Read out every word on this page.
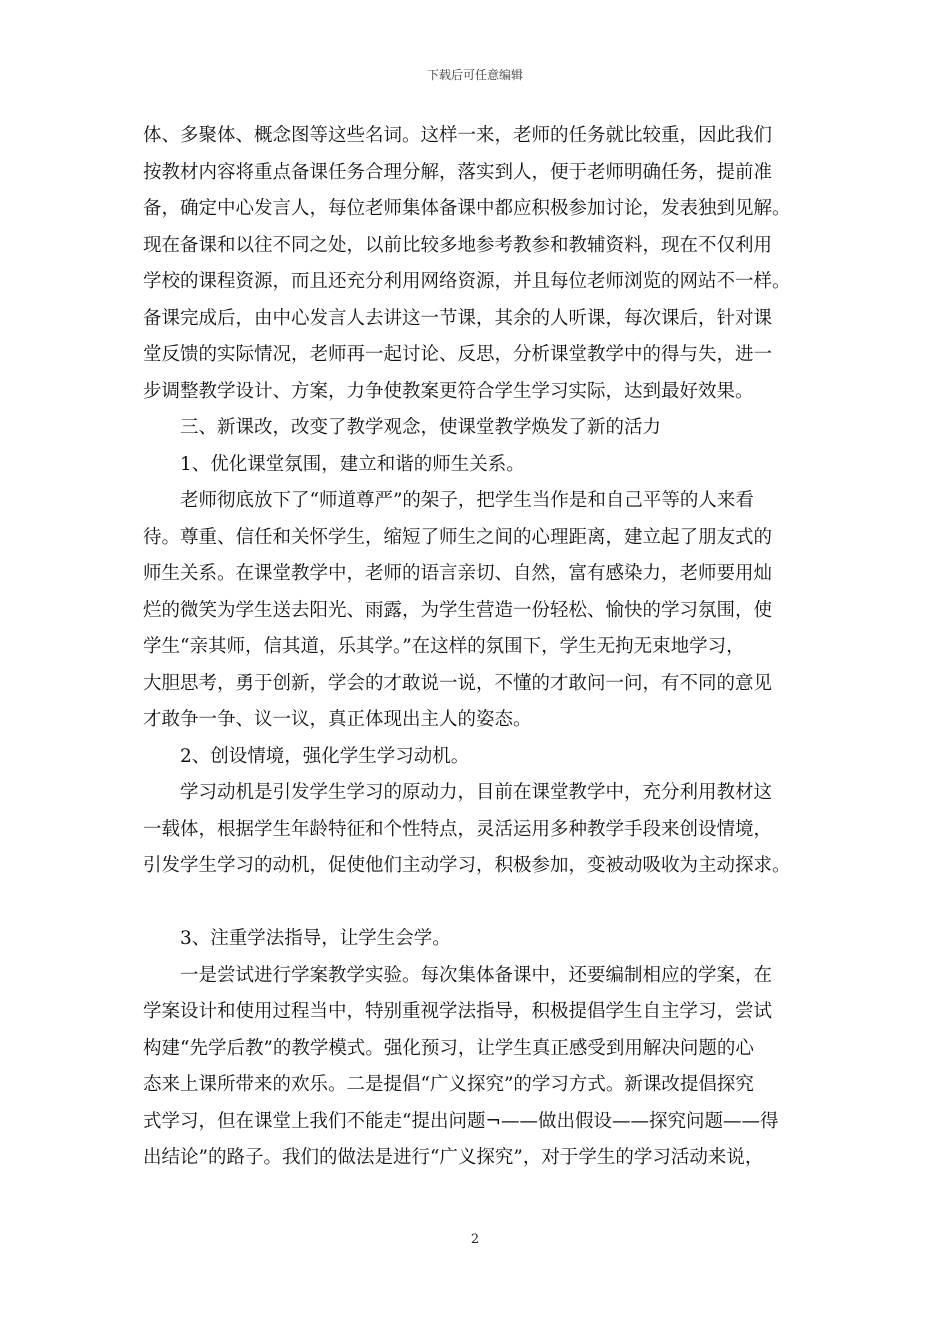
下载后可任意编辑
体、多聚体、概念图等这些名词。这样一来，老师的任务就比较重，因此我们
按教材内容将重点备课任务合理分解，落实到人，便于老师明确任务，提前准
备，确定中心发言人，每位老师集体备课中都应积极参加讨论，发表独到见解。
现在备课和以往不同之处，以前比较多地参考教参和教辅资料，现在不仅利用
学校的课程资源，而且还充分利用网络资源，并且每位老师浏览的网站不一样。
备课完成后，由中心发言人去讲这一节课，其余的人听课，每次课后，针对课
堂反馈的实际情况，老师再一起讨论、反思，分析课堂教学中的得与失，进一
步调整教学设计、方案，力争使教案更符合学生学习实际，达到最好效果。
三、新课改，改变了教学观念，使课堂教学焕发了新的活力
1、优化课堂氛围，建立和谐的师生关系。
老师彻底放下了“师道尊严”的架子，把学生当作是和自己平等的人来看
待。尊重、信任和关怀学生，缩短了师生之间的心理距离，建立起了朋友式的
师生关系。在课堂教学中，老师的语言亲切、自然，富有感染力，老师要用灿
烂的微笑为学生送去阳光、雨露，为学生营造一份轻松、愉快的学习氛围，使
学生“亲其师，信其道，乐其学。”在这样的氛围下，学生无拘无束地学习，
大胆思考，勇于创新，学会的才敢说一说，不懂的才敢问一问，有不同的意见
才敢争一争、议一议，真正体现出主人的姿态。
2、创设情境，强化学生学习动机。
学习动机是引发学生学习的原动力，目前在课堂教学中，充分利用教材这
一载体，根据学生年龄特征和个性特点，灵活运用多种教学手段来创设情境，
引发学生学习的动机，促使他们主动学习，积极参加，变被动吸收为主动探求。
3、注重学法指导，让学生会学。
一是尝试进行学案教学实验。每次集体备课中，还要编制相应的学案，在
学案设计和使用过程当中，特别重视学法指导，积极提倡学生自主学习，尝试
构建“先学后教”的教学模式。强化预习，让学生真正感受到用解决问题的心
态来上课所带来的欢乐。二是提倡“广义探究”的学习方式。新课改提倡探究
式学习，但在课堂上我们不能走“提出问题¬——做出假设——探究问题——得
出结论”的路子。我们的做法是进行“广义探究”，对于学生的学习活动来说，
2
